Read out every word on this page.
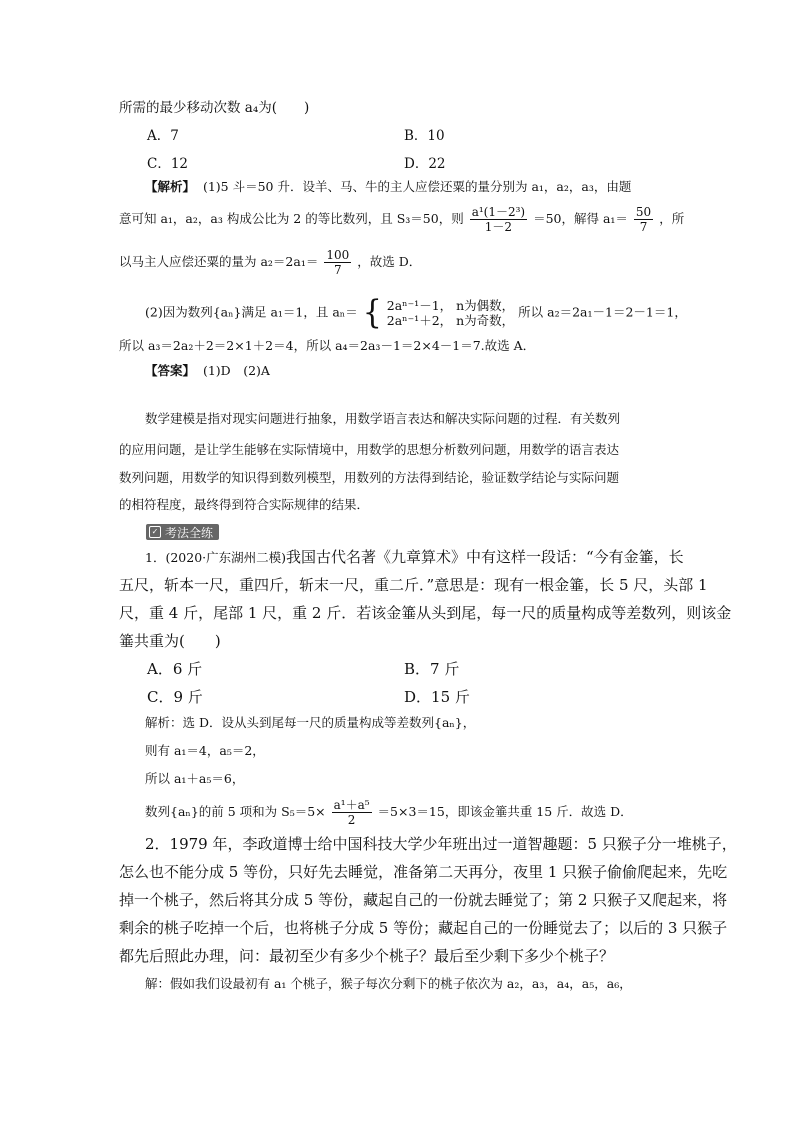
所需的最少移动次数 a₄为(　　)
A．7	B．10
C．12	D．22
【解析】 (1)5 斗＝50 升．设羊、马、牛的主人应偿还粟的量分别为 a₁，a₂，a₃，由题
意可知 a₁，a₂，a₃ 构成公比为 2 的等比数列，且 S₃＝50，则 $\frac{\text{a¹(1－2³)}}{1-2} =50$，解得 $a_1= \frac{50}{7}$ ，所
以马主人应偿还粟的量为 $a_2=2a_1= \frac{100}{7}$ ，故选 D．
(2)因为数列{aₙ}满足 a₁＝1，且 aₙ＝ { 2aⁿ⁻¹－1， n为偶数，
2aⁿ⁻¹＋2， n为奇数，
所以 a₂＝2a₁－1＝2－1＝1，
所以 a₃＝2a₂＋2＝2×1＋2＝4，所以 a₄＝2a₃－1＝2×4－1＝7.故选 A．
【答案】 (1)D　(2)A
数学建模是指对现实问题进行抽象，用数学语言表达和解决实际问题的过程．有关数列
的应用问题，是让学生能够在实际情境中，用数学的思想分析数列问题，用数学的语言表达
数列问题，用数学的知识得到数列模型，用数列的方法得到结论，验证数学结论与实际问题
的相符程度，最终得到符合实际规律的结果．
✓ 考法全练
1．(2020·广东湖州二模)我国古代名著《九章算术》中有这样一段话：“今有金箠，长
五尺，斩本一尺，重四斤，斩末一尺，重二斤．”意思是：现有一根金箠，长 5 尺，头部 1
尺，重 4 斤，尾部 1 尺，重 2 斤．若该金箠从头到尾，每一尺的质量构成等差数列，则该金
箠共重为(　　)
A．6 斤	B．7 斤
C．9 斤	D．15 斤
解析：选 D．设从头到尾每一尺的质量构成等差数列{aₙ}，
则有 a₁＝4，a₅＝2，
所以 a₁＋a₅＝6，
数列{aₙ}的前 5 项和为 $S_5=5\times \frac{\text{a¹＋a⁵}}{2} =5\times 3=15$，即该金箠共重 15 斤．故选 D．
2．1979 年，李政道博士给中国科技大学少年班出过一道智趣题：5 只猴子分一堆桃子，
怎么也不能分成 5 等份，只好先去睡觉，准备第二天再分，夜里 1 只猴子偷偷爬起来，先吃
掉一个桃子，然后将其分成 5 等份，藏起自己的一份就去睡觉了；第 2 只猴子又爬起来，将
剩余的桃子吃掉一个后，也将桃子分成 5 等份；藏起自己的一份睡觉去了；以后的 3 只猴子
都先后照此办理，问：最初至少有多少个桃子？最后至少剩下多少个桃子？
解：假如我们设最初有 a₁ 个桃子，猴子每次分剩下的桃子依次为 a₂，a₃，a₄，a₅，a₆，
